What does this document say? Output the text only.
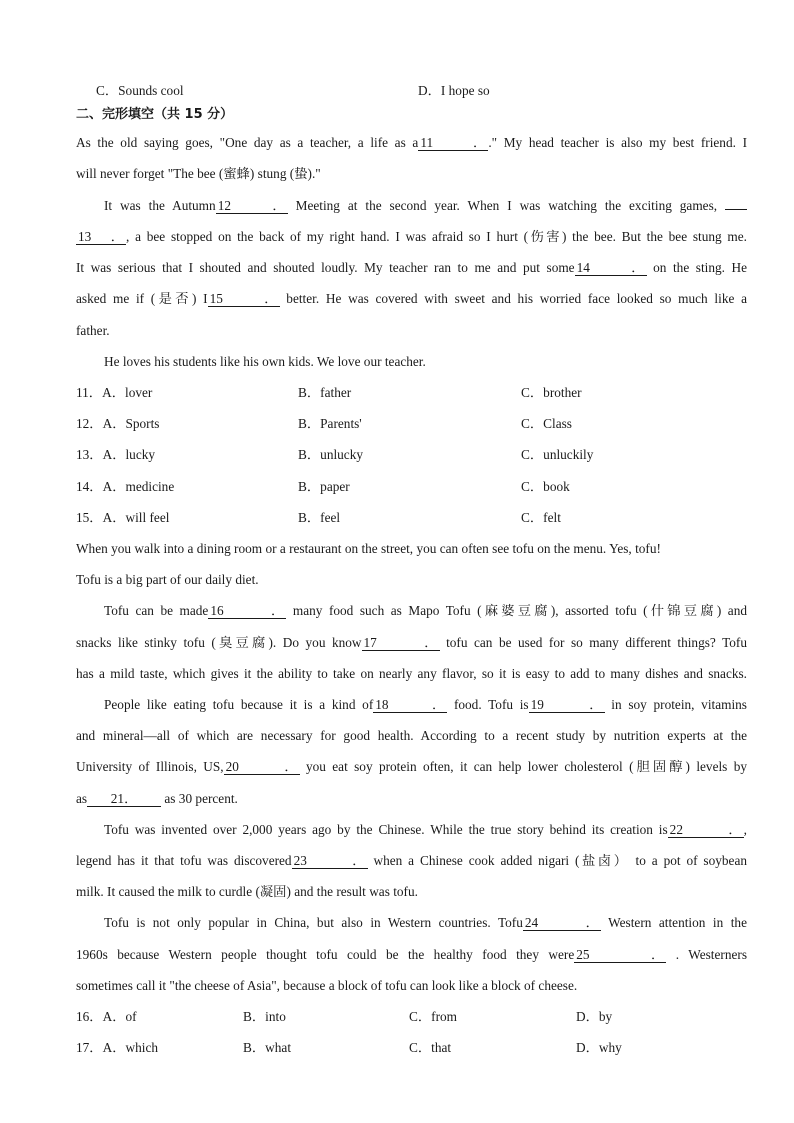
C．Sounds cool	D．I hope so
二、完形填空（共 15 分）
As the old saying goes, "One day as a teacher, a life as a 11． ." My head teacher is also my best friend. I
will never forget "The bee (蜜蜂) stung (蛰)."
It was the Autumn 12． Meeting at the second year. When I was watching the exciting games,
13． , a bee stopped on the back of my right hand. I was afraid so I hurt (伤害) the bee. But the bee stung me.
It was serious that I shouted and shouted loudly. My teacher ran to me and put some 14． on the sting. He
asked me if (是否) I 15． better. He was covered with sweet and his worried face looked so much like a
father.
He loves his students like his own kids. We love our teacher.
11．A．lover	B．father	C．brother
12．A．Sports	B．Parents'	C．Class
13．A．lucky	B．unlucky	C．unluckily
14．A．medicine	B．paper	C．book
15．A．will feel	B．feel	C．felt
When you walk into a dining room or a restaurant on the street, you can often see tofu on the menu. Yes, tofu!
Tofu is a big part of our daily diet.
Tofu can be made 16． many food such as Mapo Tofu (麻婆豆腐), assorted tofu (什锦豆腐) and
snacks like stinky tofu (臭豆腐). Do you know 17． tofu can be used for so many different things? Tofu
has a mild taste, which gives it the ability to take on nearly any flavor, so it is easy to add to many dishes and snacks.
People like eating tofu because it is a kind of 18． food. Tofu is 19． in soy protein, vitamins
and mineral—all of which are necessary for good health. According to a recent study by nutrition experts at the
University of Illinois, US, 20． you eat soy protein often, it can help lower cholesterol (胆固醇) levels by
as 21． as 30 percent.
Tofu was invented over 2,000 years ago by the Chinese. While the true story behind its creation is 22． ,
legend has it that tofu was discovered 23． when a Chinese cook added nigari (盐卤） to a pot of soybean
milk. It caused the milk to curdle (凝固) and the result was tofu.
Tofu is not only popular in China, but also in Western countries. Tofu 24． Western attention in the
1960s because Western people thought tofu could be the healthy food they were 25． . Westerners
sometimes call it "the cheese of Asia", because a block of tofu can look like a block of cheese.
16．A．of	B．into	C．from	D．by
17．A．which	B．what	C．that	D．why
